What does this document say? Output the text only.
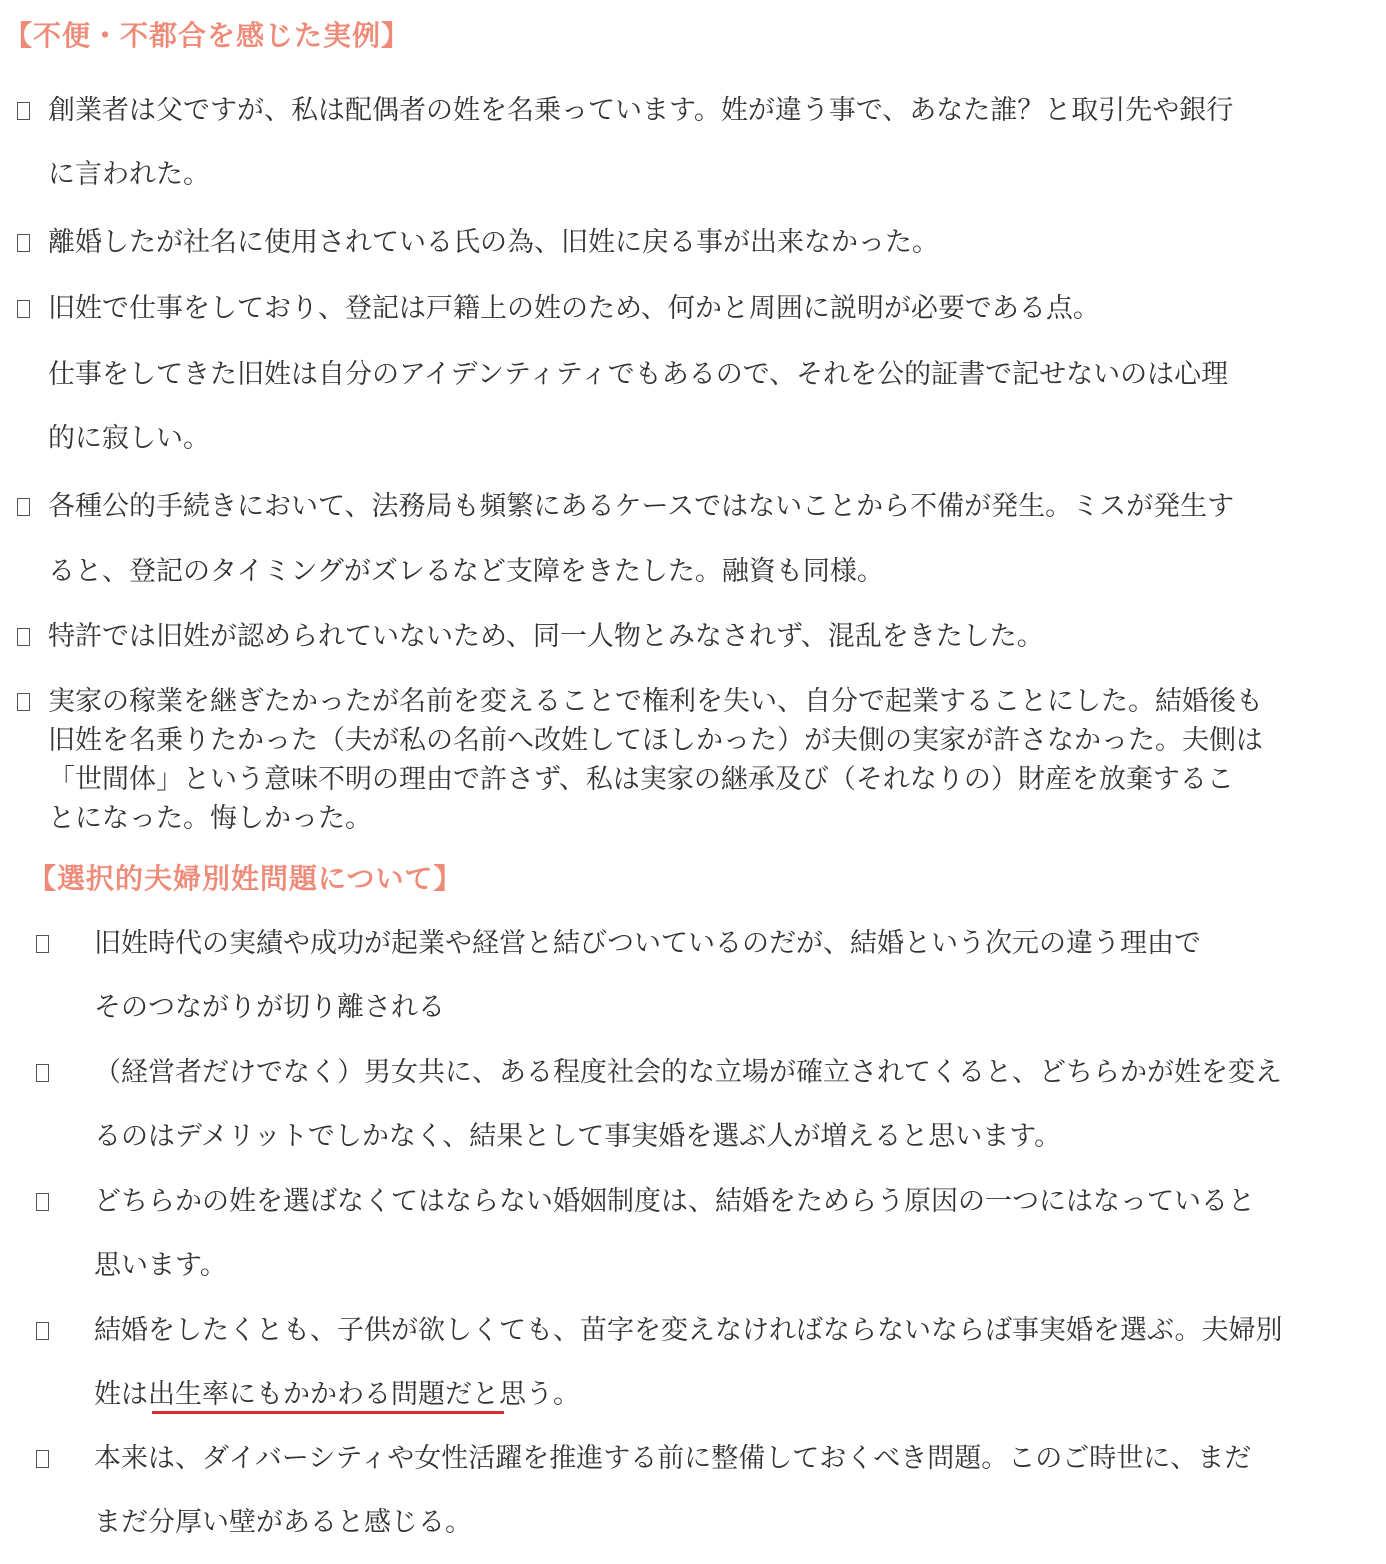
【不便・不都合を感じた実例】
創業者は父ですが、私は配偶者の姓を名乗っています。姓が違う事で、あなた誰？と取引先や銀行
に言われた。
離婚したが社名に使用されている氏の為、旧姓に戻る事が出来なかった。
旧姓で仕事をしており、登記は戸籍上の姓のため、何かと周囲に説明が必要である点。
仕事をしてきた旧姓は自分のアイデンティティでもあるので、それを公的証書で記せないのは心理
的に寂しい。
各種公的手続きにおいて、法務局も頻繁にあるケースではないことから不備が発生。ミスが発生す
ると、登記のタイミングがズレるなど支障をきたした。融資も同様。
特許では旧姓が認められていないため、同一人物とみなされず、混乱をきたした。
実家の稼業を継ぎたかったが名前を変えることで権利を失い、自分で起業することにした。結婚後も
旧姓を名乗りたかった（夫が私の名前へ改姓してほしかった）が夫側の実家が許さなかった。夫側は
「世間体」という意味不明の理由で許さず、私は実家の継承及び（それなりの）財産を放棄するこ
とになった。悔しかった。
【選択的夫婦別姓問題について】
旧姓時代の実績や成功が起業や経営と結びついているのだが、結婚という次元の違う理由で
そのつながりが切り離される
（経営者だけでなく）男女共に、ある程度社会的な立場が確立されてくると、どちらかが姓を変え
るのはデメリットでしかなく、結果として事実婚を選ぶ人が増えると思います。
どちらかの姓を選ばなくてはならない婚姻制度は、結婚をためらう原因の一つにはなっていると
思います。
結婚をしたくとも、子供が欲しくても、苗字を変えなければならないならば事実婚を選ぶ。夫婦別
姓は出生率にもかかわる問題だと思う。
本来は、ダイバーシティや女性活躍を推進する前に整備しておくべき問題。このご時世に、まだ
まだ分厚い壁があると感じる。
